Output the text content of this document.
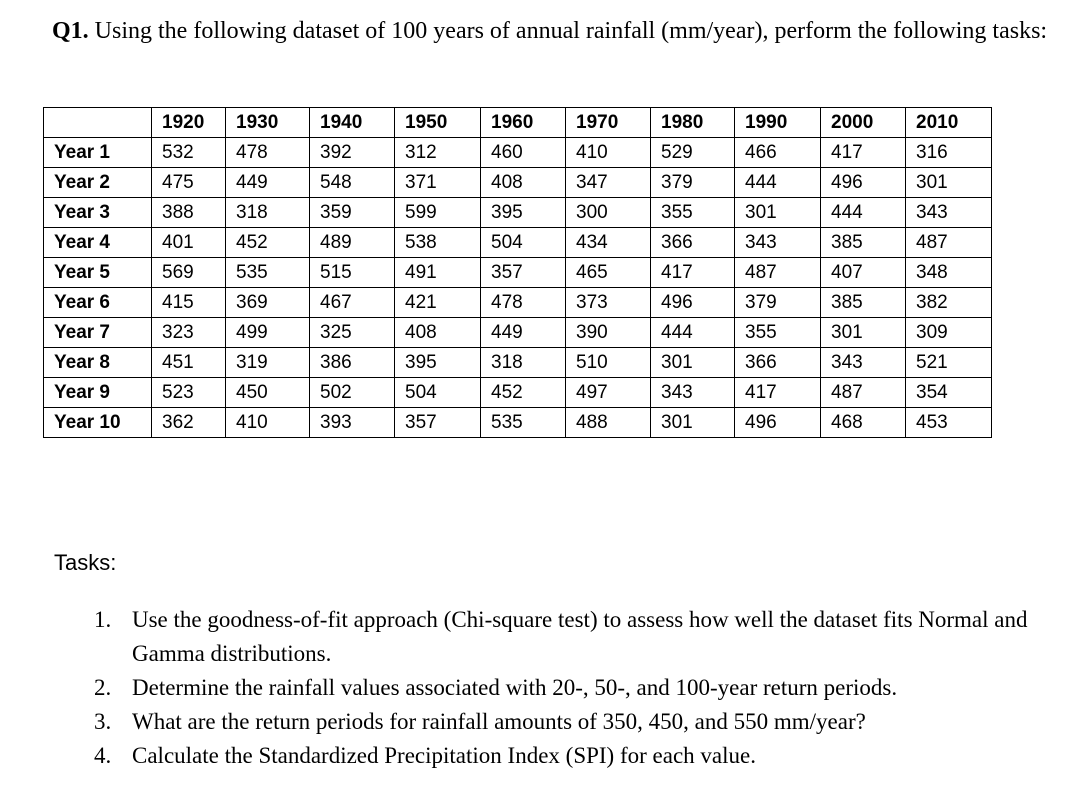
Q1. Using the following dataset of 100 years of annual rainfall (mm/year), perform the following tasks:

	1920	1930	1940	1950	1960	1970	1980	1990	2000	2010
Year 1	532	478	392	312	460	410	529	466	417	316
Year 2	475	449	548	371	408	347	379	444	496	301
Year 3	388	318	359	599	395	300	355	301	444	343
Year 4	401	452	489	538	504	434	366	343	385	487
Year 5	569	535	515	491	357	465	417	487	407	348
Year 6	415	369	467	421	478	373	496	379	385	382
Year 7	323	499	325	408	449	390	444	355	301	309
Year 8	451	319	386	395	318	510	301	366	343	521
Year 9	523	450	502	504	452	497	343	417	487	354
Year 10	362	410	393	357	535	488	301	496	468	453

Tasks:

1. Use the goodness-of-fit approach (Chi-square test) to assess how well the dataset fits Normal and Gamma distributions.
2. Determine the rainfall values associated with 20-, 50-, and 100-year return periods.
3. What are the return periods for rainfall amounts of 350, 450, and 550 mm/year?
4. Calculate the Standardized Precipitation Index (SPI) for each value.
